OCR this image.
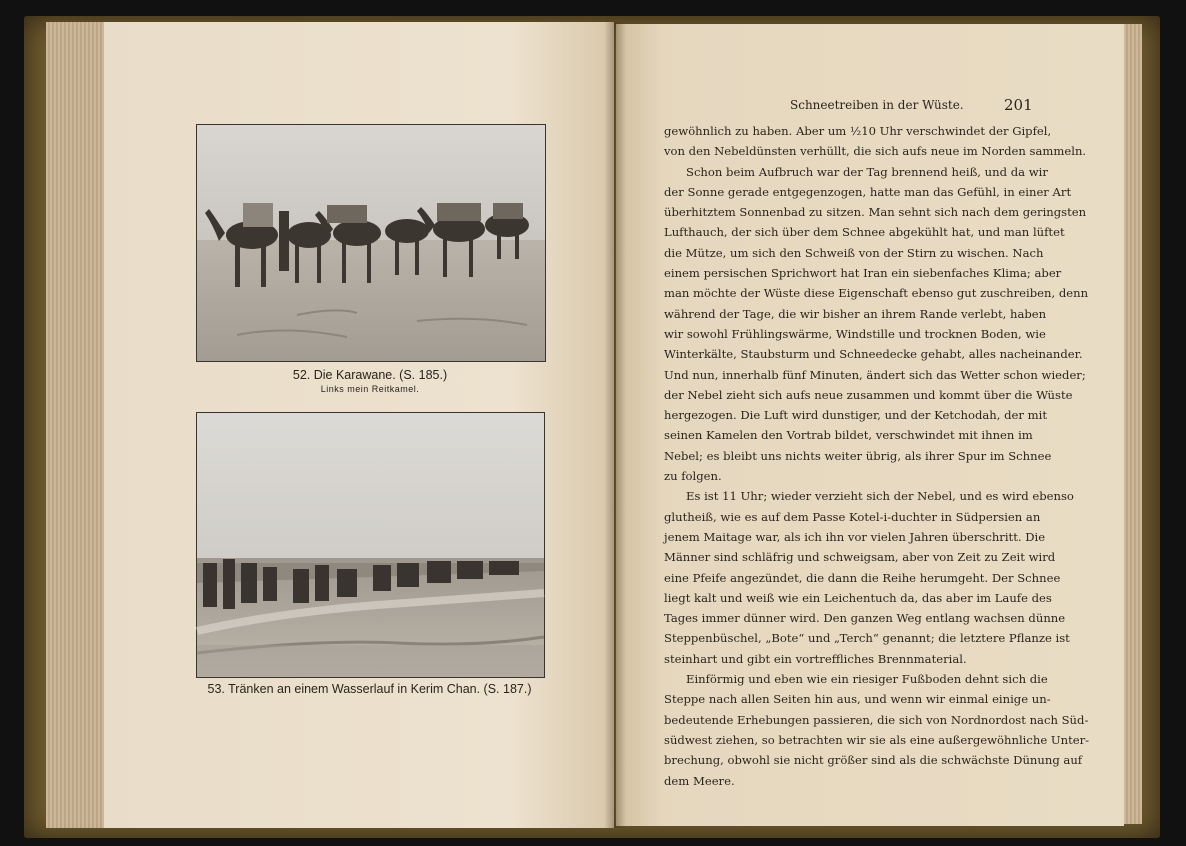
52. Die Karawane. (S. 185.)
Links mein Reitkamel.
53. Tränken an einem Wasserlauf in Kerim Chan. (S. 187.)
Schneetreiben in der Wüste.	201
gewöhnlich zu haben. Aber um ½10 Uhr verschwindet der Gipfel,
von den Nebeldünsten verhüllt, die sich aufs neue im Norden sammeln.
Schon beim Aufbruch war der Tag brennend heiß, und da wir
der Sonne gerade entgegenzogen, hatte man das Gefühl, in einer Art
überhitztem Sonnenbad zu sitzen. Man sehnt sich nach dem geringsten
Lufthauch, der sich über dem Schnee abgekühlt hat, und man lüftet
die Mütze, um sich den Schweiß von der Stirn zu wischen. Nach
einem persischen Sprichwort hat Iran ein siebenfaches Klima; aber
man möchte der Wüste diese Eigenschaft ebenso gut zuschreiben, denn
während der Tage, die wir bisher an ihrem Rande verlebt, haben
wir sowohl Frühlingswärme, Windstille und trocknen Boden, wie
Winterkälte, Staubsturm und Schneedecke gehabt, alles nacheinander.
Und nun, innerhalb fünf Minuten, ändert sich das Wetter schon wieder;
der Nebel zieht sich aufs neue zusammen und kommt über die Wüste
hergezogen. Die Luft wird dunstiger, und der Ketchodah, der mit
seinen Kamelen den Vortrab bildet, verschwindet mit ihnen im
Nebel; es bleibt uns nichts weiter übrig, als ihrer Spur im Schnee
zu folgen.
Es ist 11 Uhr; wieder verzieht sich der Nebel, und es wird ebenso
glutheiß, wie es auf dem Passe Kotel-i-duchter in Südpersien an
jenem Maitage war, als ich ihn vor vielen Jahren überschritt. Die
Männer sind schläfrig und schweigsam, aber von Zeit zu Zeit wird
eine Pfeife angezündet, die dann die Reihe herumgeht. Der Schnee
liegt kalt und weiß wie ein Leichentuch da, das aber im Laufe des
Tages immer dünner wird. Den ganzen Weg entlang wachsen dünne
Steppenbüschel, „Bote“ und „Terch“ genannt; die letztere Pflanze ist
steinhart und gibt ein vortreffliches Brennmaterial.
Einförmig und eben wie ein riesiger Fußboden dehnt sich die
Steppe nach allen Seiten hin aus, und wenn wir einmal einige un-
bedeutende Erhebungen passieren, die sich von Nordnordost nach Süd-
südwest ziehen, so betrachten wir sie als eine außergewöhnliche Unter-
brechung, obwohl sie nicht größer sind als die schwächste Dünung auf
dem Meere.
